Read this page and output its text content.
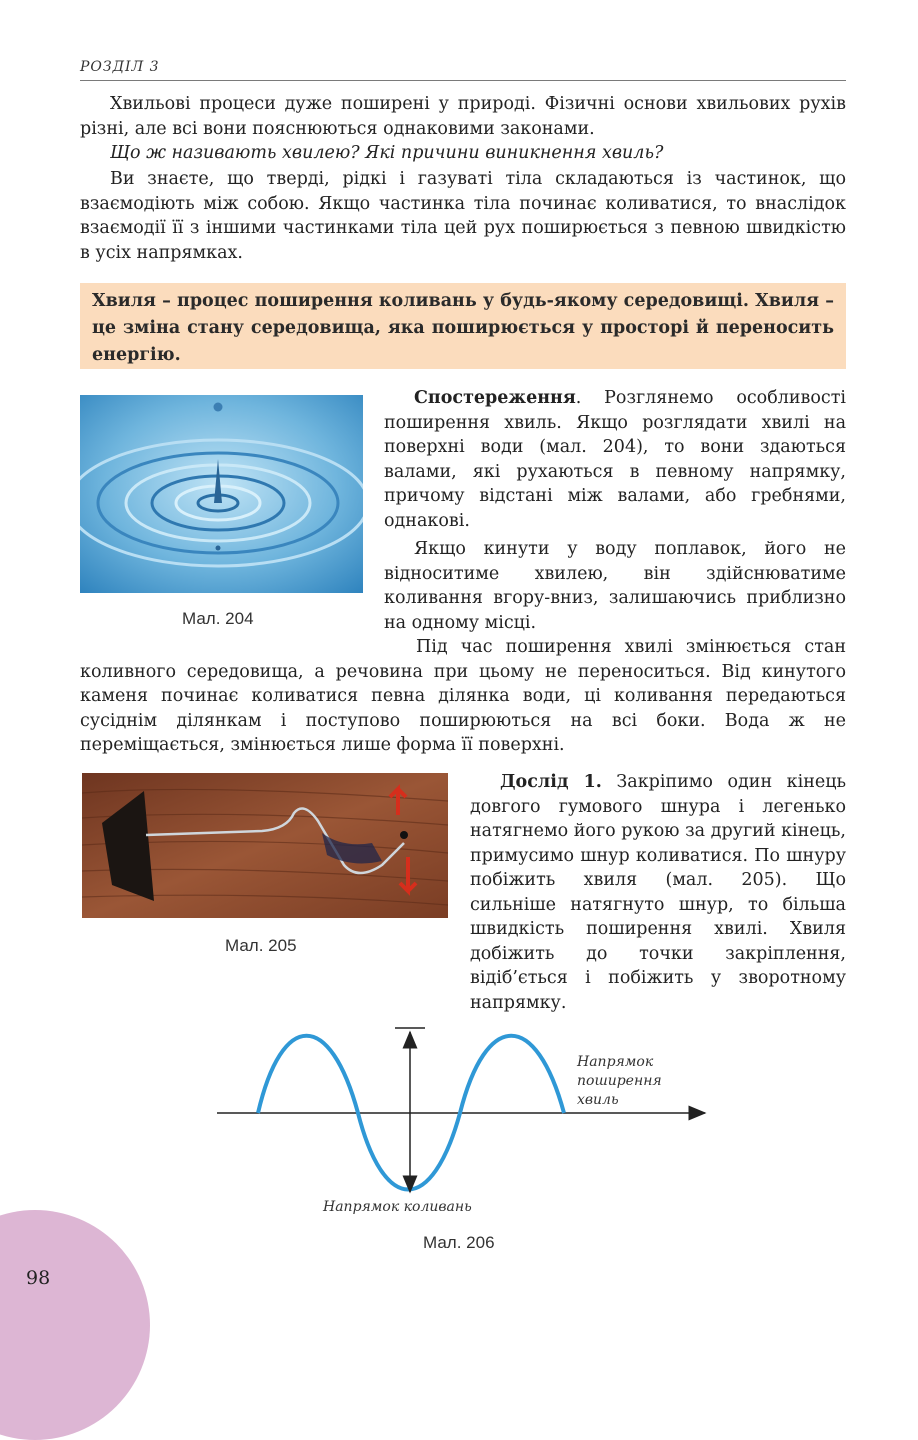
РОЗДІЛ 3

Хвильові процеси дуже поширені у природі. Фізичні основи хвильових рухів різні, але всі вони пояснюються однаковими законами.

Що ж називають хвилею? Які причини виникнення хвиль?

Ви знаєте, що тверді, рідкі і газуваті тіла складаються із частинок, що взаємодіють між собою. Якщо частинка тіла починає коливатися, то внаслідок взаємодії її з іншими частинками тіла цей рух поширюється з певною швидкістю в усіх напрямках.

Хвиля – процес поширення коливань у будь-якому середовищі. Хвиля – це зміна стану середовища, яка поширюється у просторі й переносить енергію.
Мал. 204

Спостереження. Розглянемо особливості поширення хвиль. Якщо розглядати хвилі на поверхні води (мал. 204), то вони здаються валами, які рухаються в певному напрямку, причому відстані між валами, або гребнями, однакові.

Якщо кинути у воду поплавок, його не відноситиме хвилею, він здійснюватиме коливання вгору-вниз, залишаючись приблизно на одному місці.

Під час поширення хвилі змінюється стан коливного середовища, а речовина при цьому не переноситься. Від кинутого каменя починає коливатися певна ділянка води, ці коливання передаються сусіднім ділянкам і поступово поширюються на всі боки. Вода ж не переміщається, змінюється лише форма її поверхні.

Мал. 205

Дослід 1. Закріпимо один кінець довгого гумового шнура і легенько натягнемо його рукою за другий кінець, примусимо шнур коливатися. По шнуру побіжить хвиля (мал. 205). Що сильніше натягнуто шнур, то більша швидкість поширення хвилі. Хвиля добіжить до точки закріплення, відіб’ється і побіжить у зворотному напрямку.

Напрямок
поширення
хвиль
Напрямок коливань
Мал. 206
98
